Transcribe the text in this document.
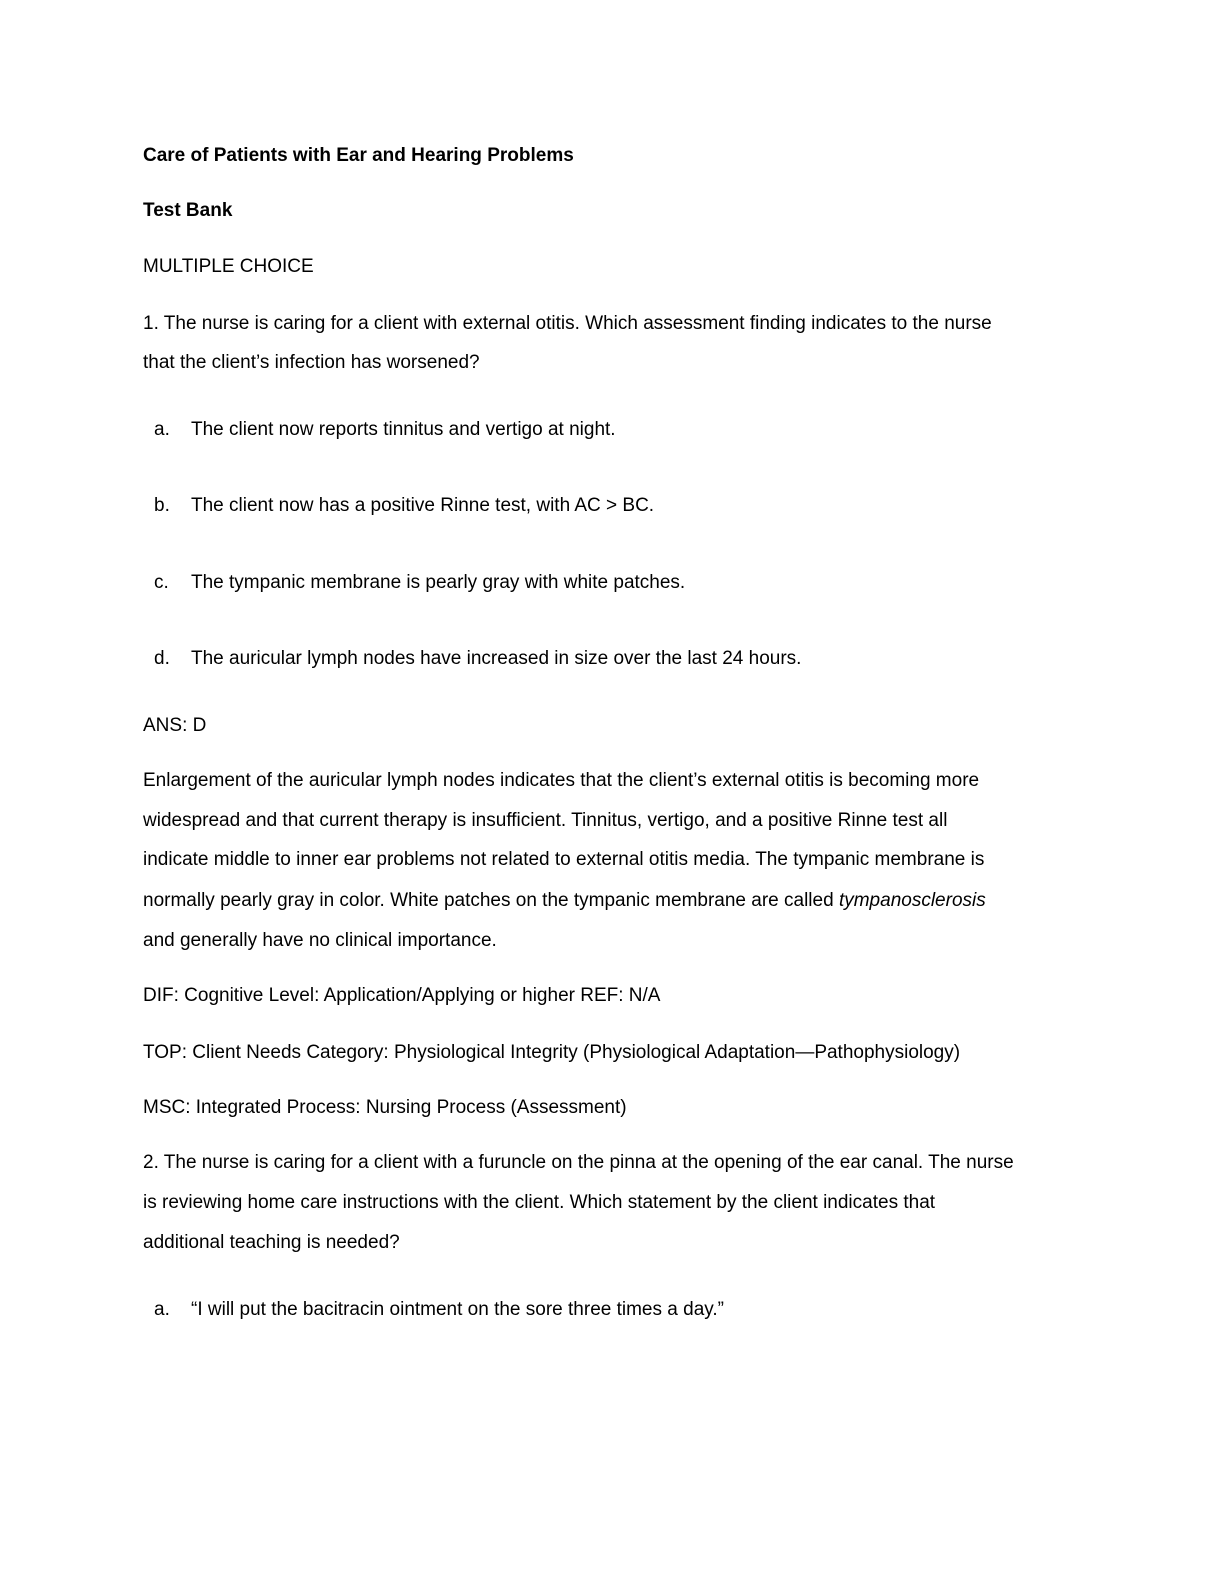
Care of Patients with Ear and Hearing Problems
Test Bank
MULTIPLE CHOICE
1. The nurse is caring for a client with external otitis. Which assessment finding indicates to the nurse
that the client’s infection has worsened?
a. The client now reports tinnitus and vertigo at night.
b. The client now has a positive Rinne test, with AC > BC.
c. The tympanic membrane is pearly gray with white patches.
d. The auricular lymph nodes have increased in size over the last 24 hours.
ANS: D
Enlargement of the auricular lymph nodes indicates that the client’s external otitis is becoming more
widespread and that current therapy is insufficient. Tinnitus, vertigo, and a positive Rinne test all
indicate middle to inner ear problems not related to external otitis media. The tympanic membrane is
normally pearly gray in color. White patches on the tympanic membrane are called tympanosclerosis
and generally have no clinical importance.
DIF: Cognitive Level: Application/Applying or higher REF: N/A
TOP: Client Needs Category: Physiological Integrity (Physiological Adaptation—Pathophysiology)
MSC: Integrated Process: Nursing Process (Assessment)
2. The nurse is caring for a client with a furuncle on the pinna at the opening of the ear canal. The nurse
is reviewing home care instructions with the client. Which statement by the client indicates that
additional teaching is needed?
a. “I will put the bacitracin ointment on the sore three times a day.”
